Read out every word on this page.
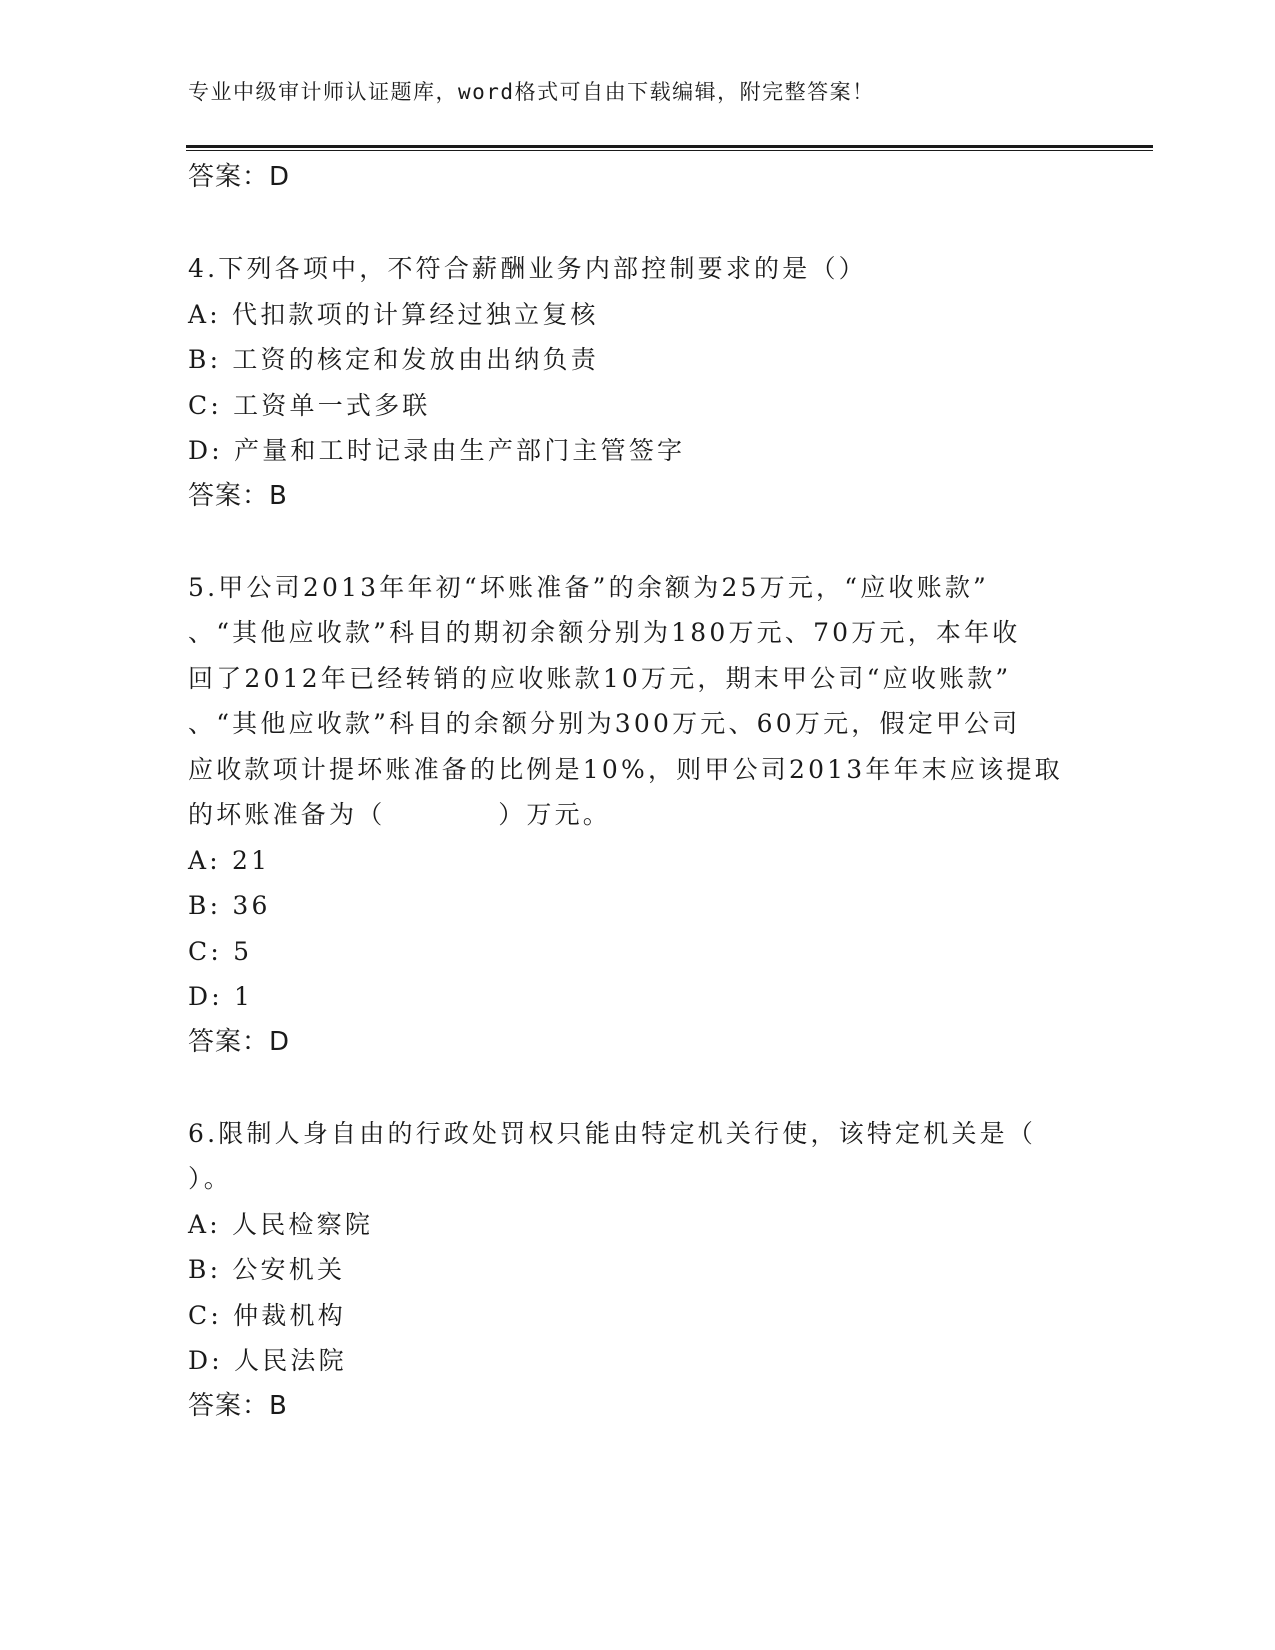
专业中级审计师认证题库，word格式可自由下载编辑，附完整答案！
答案：D
4.下列各项中，不符合薪酬业务内部控制要求的是（）
A: 代扣款项的计算经过独立复核
B: 工资的核定和发放由出纳负责
C: 工资单一式多联
D: 产量和工时记录由生产部门主管签字
答案：B
5.甲公司2013年年初“坏账准备”的余额为25万元，“应收账款”
、“其他应收款”科目的期初余额分别为180万元、70万元，本年收
回了2012年已经转销的应收账款10万元，期末甲公司“应收账款”
、“其他应收款”科目的余额分别为300万元、60万元，假定甲公司
应收款项计提坏账准备的比例是10%，则甲公司2013年年末应该提取
的坏账准备为（　　　　）万元。
A: 21
B: 36
C: 5
D: 1
答案：D
6.限制人身自由的行政处罚权只能由特定机关行使，该特定机关是（
）。
A: 人民检察院
B: 公安机关
C: 仲裁机构
D: 人民法院
答案：B
